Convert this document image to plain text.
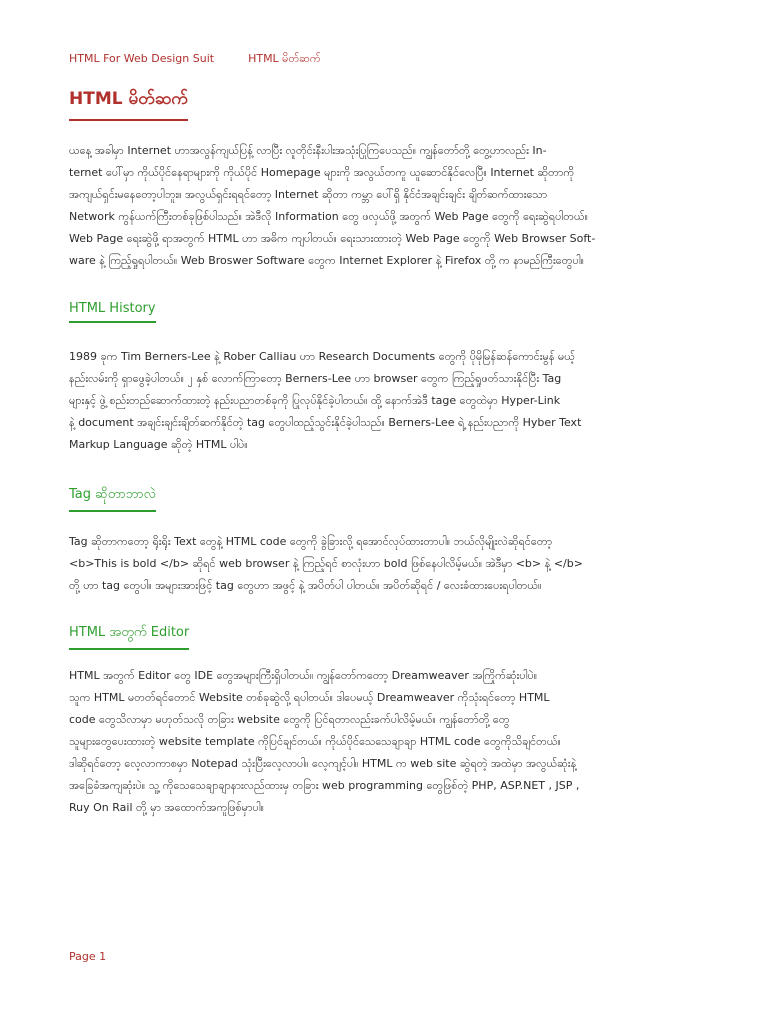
HTML For Web Design Suit	HTML မိတ်ဆက်
HTML မိတ်ဆက်

ယနေ့ အခါမှာ Internet ဟာအလွန်ကျယ်ပြန့် လာပြီး လူတိုင်းနီးပါးအသုံးပြုကြပေသည်။ ကျွန်တော်တို့ တွေ့ဟာလည်း In-
ternet ပေါ်မှာ ကိုယ်ပိုင်နေရာများကို ကိုယ်ပိုင် Homepage များကို အလွယ်တကူ ယူဆောင်နိုင်လေပြီ။ Internet ဆိုတာကို
အကျယ်ရှင်းမနေတော့ပါဘူး။ အလွယ်ရှင်းရရင်တော့ Internet ဆိုတာ ကမ္ဘာ ပေါ်ရှိ နိုင်ငံအချင်းချင်း ချိတ်ဆက်ထားသော
Network ကွန်ယက်ကြီးတစ်ခုဖြစ်ပါသည်။ အဲဒီလို Information တွေ ဖလှယ်ဖို့ အတွက် Web Page တွေကို ရေးဆွဲရပါတယ်။
Web Page ရေးဆွဲဖို့ ရာအတွက် HTML ဟာ အဓိက ကျပါတယ်။ ရေးသားထားတဲ့ Web Page တွေကို Web Browser Soft-
ware နဲ့ ကြည့်ရှုရပါတယ်။ Web Broswer Software တွေက Internet Explorer နဲ့ Firefox တို့ က နာမည်ကြီးတွေပါ။

HTML History

1989 ခုက Tim Berners-Lee နဲ့ Rober Calliau ဟာ Research Documents တွေကို ပိုမိုမြန်ဆန်ကောင်းမွန် မယ့်
နည်းလမ်းကို ရှာဖွေခဲ့ပါတယ်။ ၂ နှစ် လောက်ကြာတော့ Berners-Lee ဟာ browser တွေက ကြည့်ရှုဖတ်သားနိုင်ပြီး Tag
များနှင့် ဖွဲ့ စည်းတည်ဆောက်ထားတဲ့ နည်းပညာတစ်ခုကို ပြုလုပ်နိုင်ခဲ့ပါတယ်။ ထို့ နောက်အဲဒီ tage တွေထဲမှာ Hyper-Link
နဲ့ document အချင်းချင်းချိတ်ဆက်နိုင်တဲ့ tag တွေပါထည့်သွင်းနိုင်ခဲ့ပါသည်။ Berners-Lee ရဲ့ နည်းပညာကို Hyber Text
Markup Language ဆိုတဲ့ HTML ပါပဲ။

Tag ဆိုတာဘာလဲ

Tag ဆိုတာကတော့ ရိုးရိုး Text တွေနဲ့ HTML code တွေကို ခွဲခြားလို့ ရအောင်လုပ်ထားတာပါ။ ဘယ်လိုမျိုးလဲဆိုရင်တော့
<b>This is bold </b> ဆိုရင် web browser နဲ့ ကြည့်ရင် စာလုံးဟာ bold ဖြစ်နေပါလိမ့်မယ်။ အဲဒီမှာ <b> နဲ့ </b>
တို့ ဟာ tag တွေပါ။ အများအားဖြင့် tag တွေဟာ အဖွင့် နဲ့ အပိတ်ပါ ပါတယ်။ အပိတ်ဆိုရင် / လေးခံထားပေးရပါတယ်။

HTML အတွက် Editor

HTML အတွက် Editor တွေ IDE တွေအများကြီးရှိပါတယ်။ ကျွန်တော်ကတော့ Dreamweaver အကြိုက်ဆုံးပါပဲ။
သူက HTML မတတ်ရင်တောင် Website တစ်ခုဆွဲလို့ ရပါတယ်။ ဒါပေမယ့် Dreamweaver ကိုသုံးရင်တော့ HTML
code တွေသိလာမှာ မဟုတ်သလို တခြား website တွေကို ပြင်ရတာလည်းခက်ပါလိမ့်မယ်။ ကျွန်တော်တို့ တွေ
သူများတွေပေးထားတဲ့ website template ကိုပြင်ချင်တယ်။ ကိုယ်ပိုင်သေသေချာချာ HTML code တွေကိုသိချင်တယ်။
ဒါဆိုရင်တော့ လေ့လာကာစမှာ Notepad သုံးပြီးလေ့လာပါ။ လေ့ကျင့်ပါ။ HTML က web site ဆွဲရတဲ့ အထဲမှာ အလွယ်ဆုံးနဲ့
အခြေခံအကျဆုံးပဲ။ သူ့ ကိုသေသေချာချာနားလည်ထားမှ တခြား web programming တွေဖြစ်တဲ့ PHP, ASP.NET , JSP ,
Ruy On Rail တို့ မှာ အထောက်အကူဖြစ်မှာပါ။

Page 1
